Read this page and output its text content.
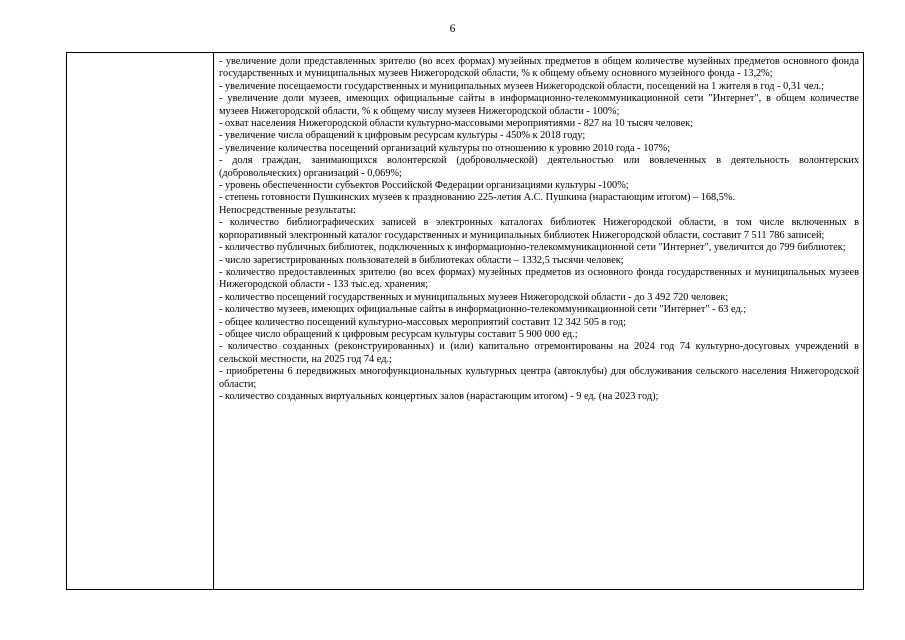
6

- увеличение доли представленных зрителю (во всех формах) музейных предметов в общем количестве музейных предметов основного фонда государственных и муниципальных музеев Нижегородской области, % к общему объему основного музейного фонда - 13,2%;

- увеличение посещаемости государственных и муниципальных музеев Нижегородской области, посещений на 1 жителя в год - 0,31 чел.;

- увеличение доли музеев, имеющих официальные сайты в информационно-телекоммуникационной сети "Интернет", в общем количестве музеев Нижегородской области, % к общему числу музеев Нижегородской области - 100%;

- охват населения Нижегородской области культурно-массовыми мероприятиями - 827 на 10 тысяч человек;

- увеличение числа обращений к цифровым ресурсам культуры - 450% к 2018 году;

- увеличение количества посещений организаций культуры по отношению к уровню 2010 года - 107%;

- доля граждан, занимающихся волонтерской (добровольческой) деятельностью или вовлеченных в деятельность волонтерских (добровольческих) организаций - 0,069%;

- уровень обеспеченности субъектов Российской Федерации организациями культуры -100%;

- степень готовности Пушкинских музеев к празднованию 225-летия А.С. Пушкина (нарастающим итогом) – 168,5%.

Непосредственные результаты:

- количество библиографических записей в электронных каталогах библиотек Нижегородской области, в том числе включенных в корпоративный электронный каталог государственных и муниципальных библиотек Нижегородской области, составит 7 511 786 записей;

- количество публичных библиотек, подключенных к информационно-телекоммуникационной сети "Интернет", увеличится до 799 библиотек;

- число зарегистрированных пользователей в библиотеках области – 1332,5 тысячи человек;

- количество предоставленных зрителю (во всех формах) музейных предметов из основного фонда государственных и муниципальных музеев Нижегородской области - 133 тыс.ед. хранения;

- количество посещений государственных и муниципальных музеев Нижегородской области - до 3 492 720 человек;

- количество музеев, имеющих официальные сайты в информационно-телекоммуникационной сети "Интернет" - 63 ед.;

- общее количество посещений культурно-массовых мероприятий составит 12 342 505 в год;

- общее число обращений к цифровым ресурсам культуры составит 5 900 000 ед.;

- количество созданных (реконструированных) и (или) капитально отремонтированы на 2024 год 74 культурно-досуговых учреждений в сельской местности, на 2025 год 74 ед.;

- приобретены 6 передвижных многофункциональных культурных центра (автоклубы) для обслуживания сельского населения Нижегородской области;

- количество созданных виртуальных концертных залов (нарастающим итогом) - 9 ед. (на 2023 год);
